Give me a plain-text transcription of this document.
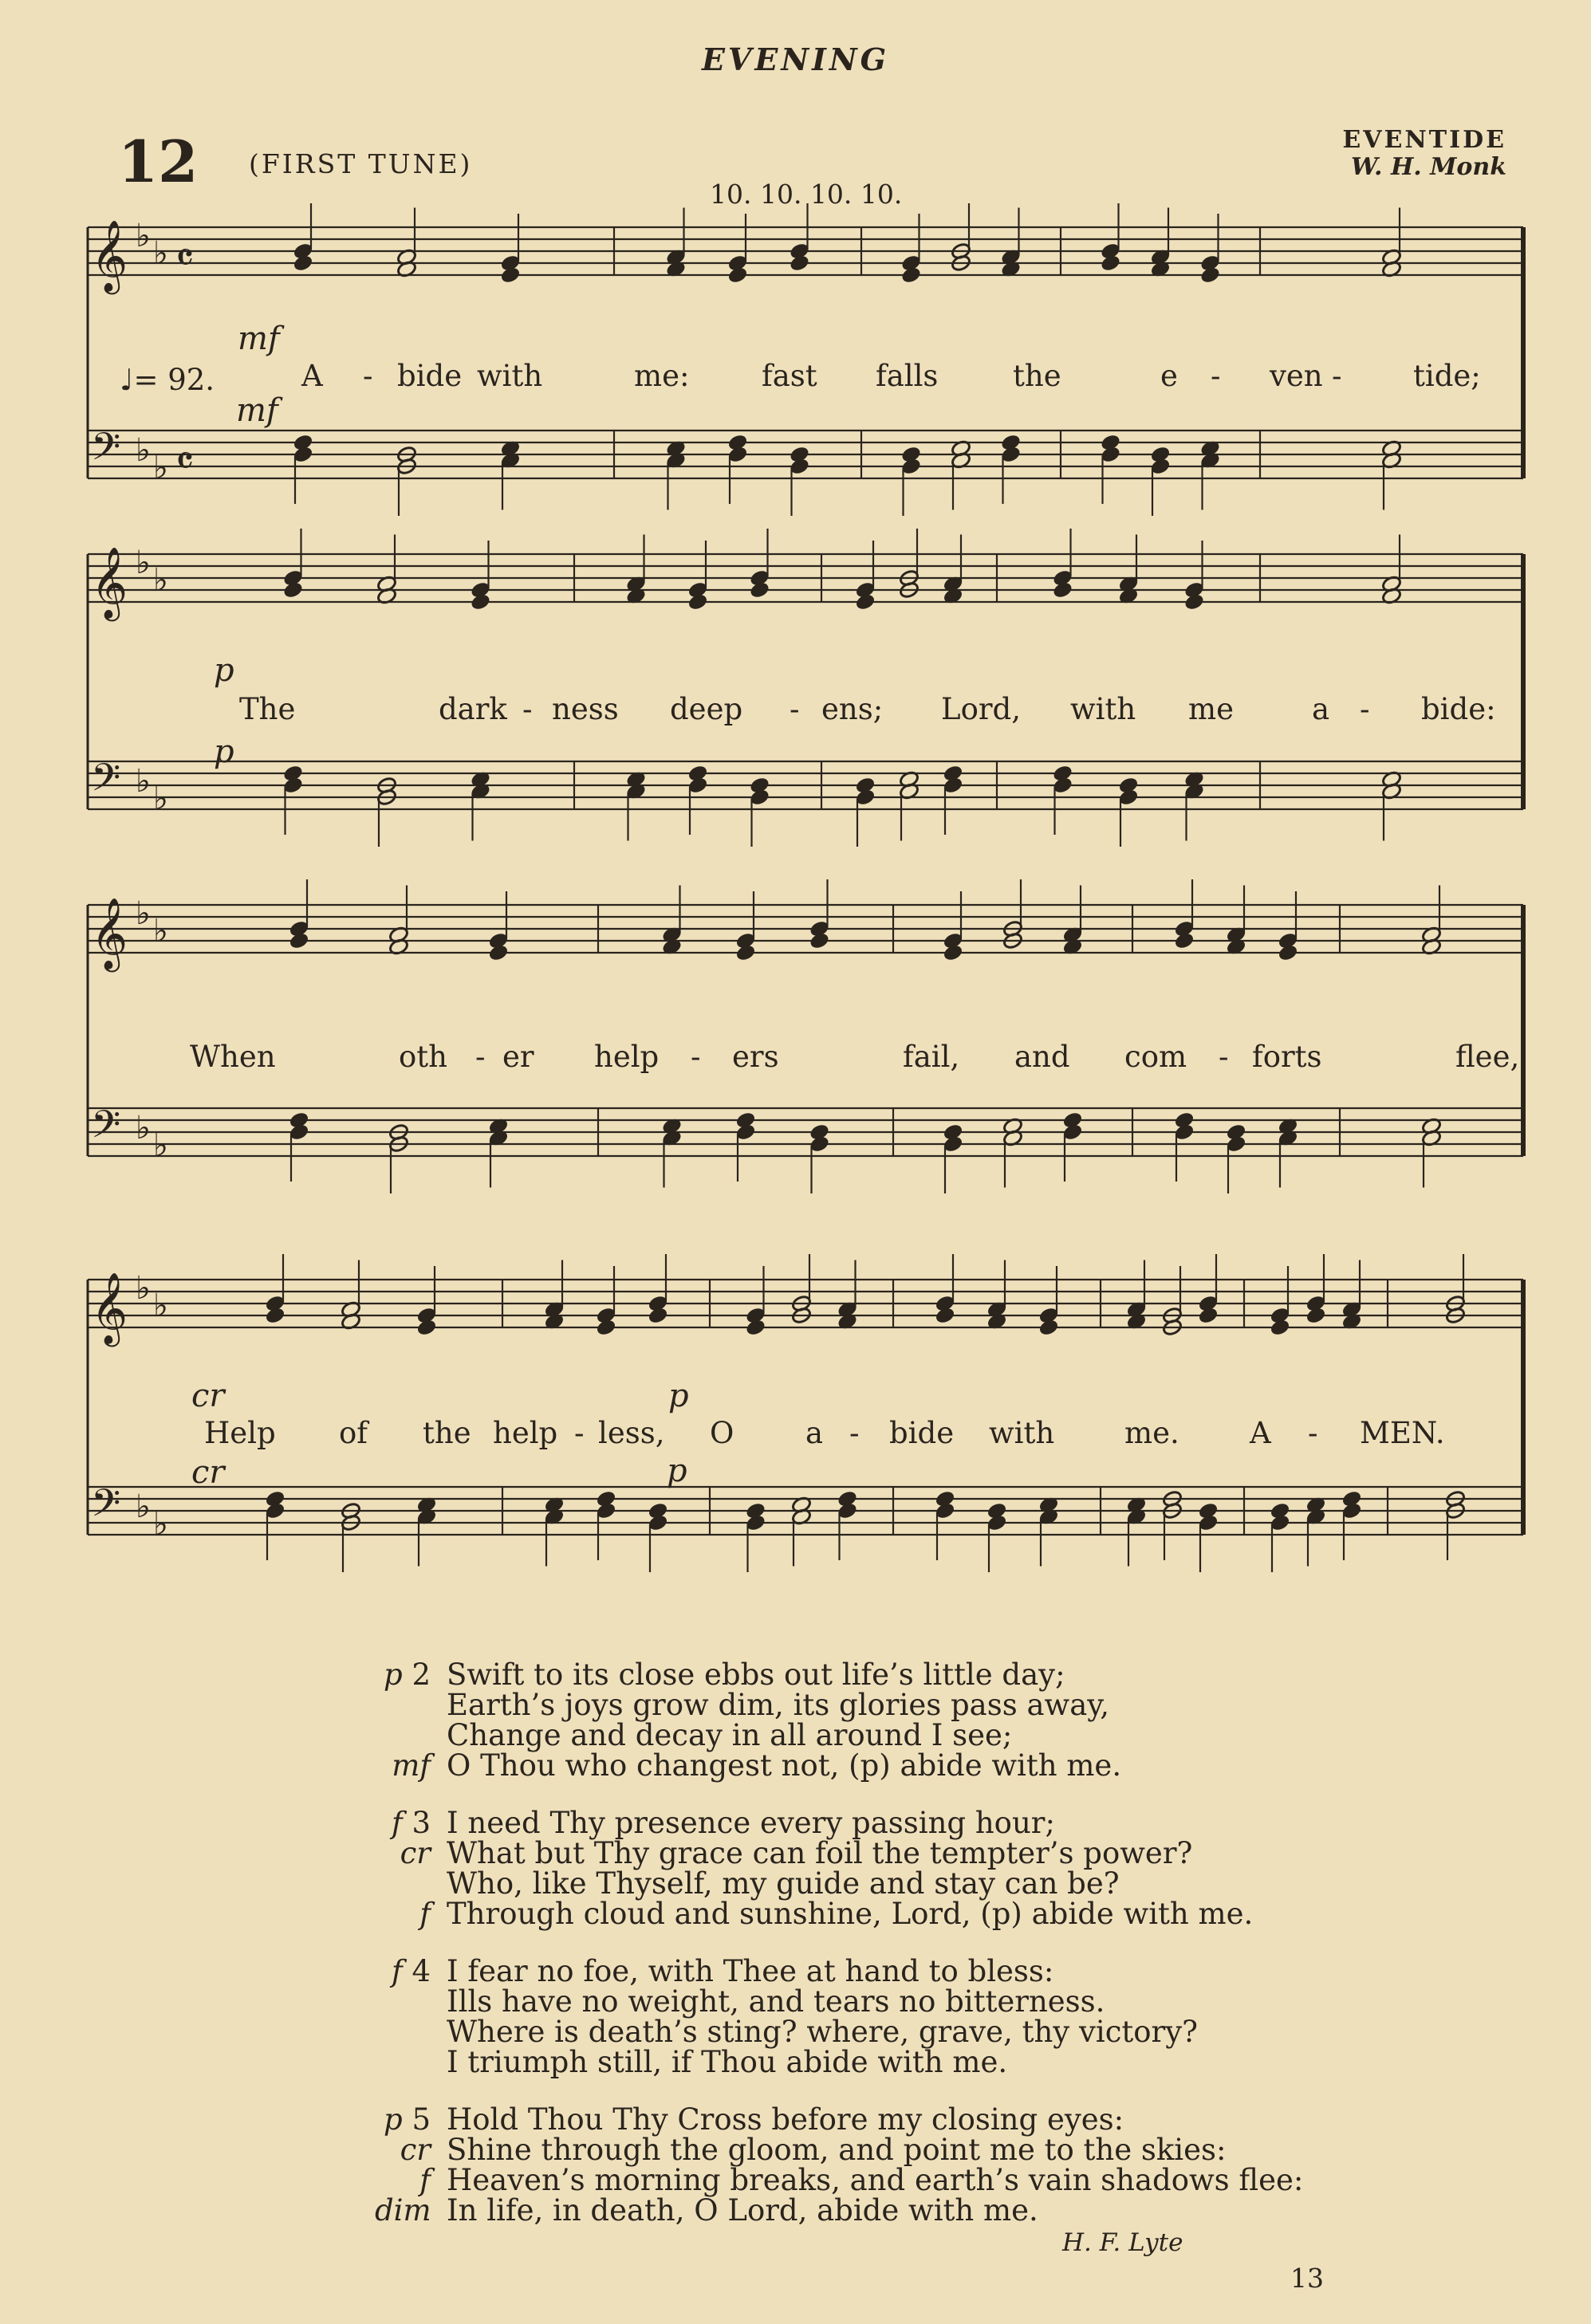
EVENING
12 (FIRST TUNE)
10. 10. 10. 10.
EVENTIDE
W. H. Monk
𝄞 ♭ ♭ 𝄴
𝄢 ♭ ♭ 𝄴
𝄞 ♭ ♭
𝄢 ♭ ♭
𝄞 ♭ ♭
𝄢 ♭ ♭
𝄞 ♭ ♭
𝄢 ♭ ♭
♩= 92.
mf
mf
p
p
cr	p
cr	p
A - bide with	me: fast falls	the	e - ven - tide;
The	dark - ness deep - ens; Lord, with me	a - bide:
When	oth - er help - ers	fail, and com - forts	flee,
Help of the help - less, O a - bide with me. A - MEN.
p 2 Swift to its close ebbs out life’s little day;
Earth’s joys grow dim, its glories pass away,
Change and decay in all around I see;
mf O Thou who changest not, (p) abide with me.
f 3 I need Thy presence every passing hour;
cr What but Thy grace can foil the tempter’s power?
Who, like Thyself, my guide and stay can be?
f Through cloud and sunshine, Lord, (p) abide with me.
f 4 I fear no foe, with Thee at hand to bless:
Ills have no weight, and tears no bitterness.
Where is death’s sting? where, grave, thy victory?
I triumph still, if Thou abide with me.
p 5 Hold Thou Thy Cross before my closing eyes:
cr Shine through the gloom, and point me to the skies:
f Heaven’s morning breaks, and earth’s vain shadows flee:
dim In life, in death, O Lord, abide with me.
H. F. Lyte
13
